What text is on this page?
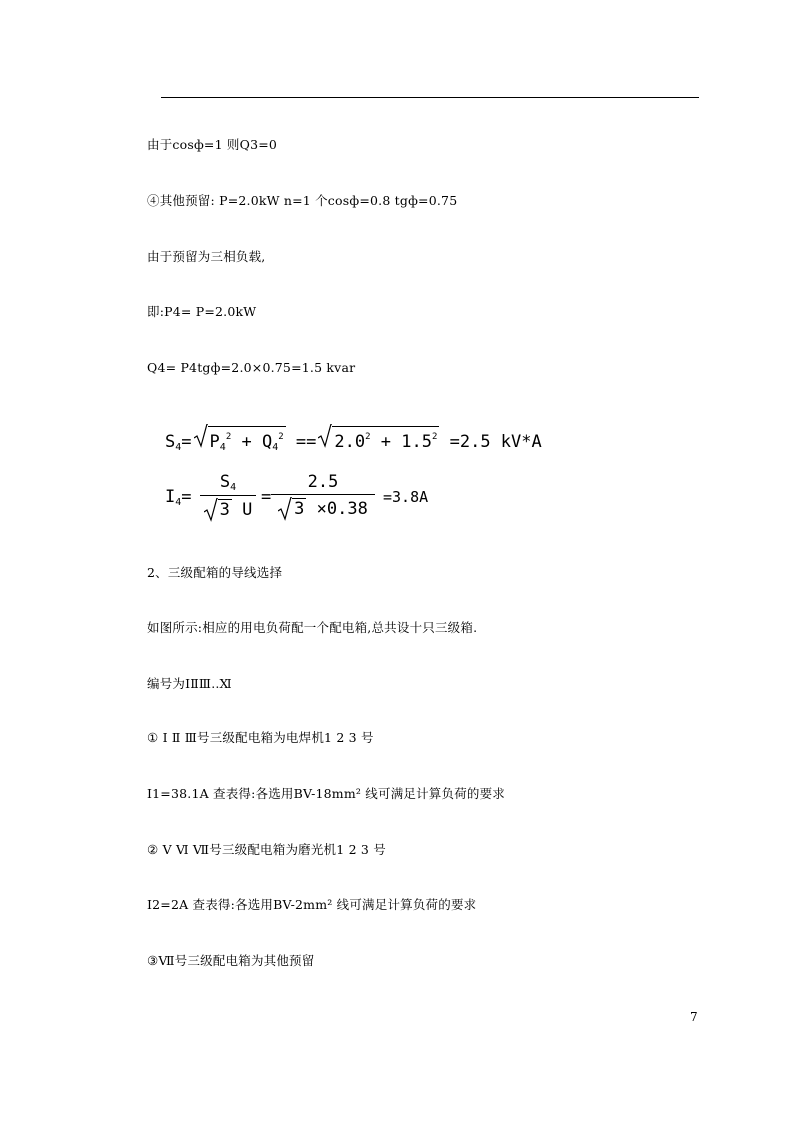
由于cosф=1 则Q3=0
④其他预留: P=2.0kW n=1 个cosф=0.8 tgф=0.75
由于预留为三相负载,
即:P4= P=2.0kW
Q4= P4tgф=2.0×0.75=1.5 kvar
$S_4= P_4^2 + Q_4^2 == 2.0^2 + 1.5^2 =2.5$ kV*A
$I_4=$
$S_4$
3 U
=
2.5
3 ×0.38
=3.8A
2、三级配箱的导线选择
如图所示:相应的用电负荷配一个配电箱,总共设十只三级箱.
编号为ⅠⅡⅢ..Ⅺ
① Ⅰ Ⅱ Ⅲ号三级配电箱为电焊机1 2 3 号
I1=38.1A 查表得:各选用BV-18mm² 线可满足计算负荷的要求
② Ⅴ Ⅵ Ⅶ号三级配电箱为磨光机1 2 3 号
I2=2A 查表得:各选用BV-2mm² 线可满足计算负荷的要求
③Ⅶ号三级配电箱为其他预留
7
